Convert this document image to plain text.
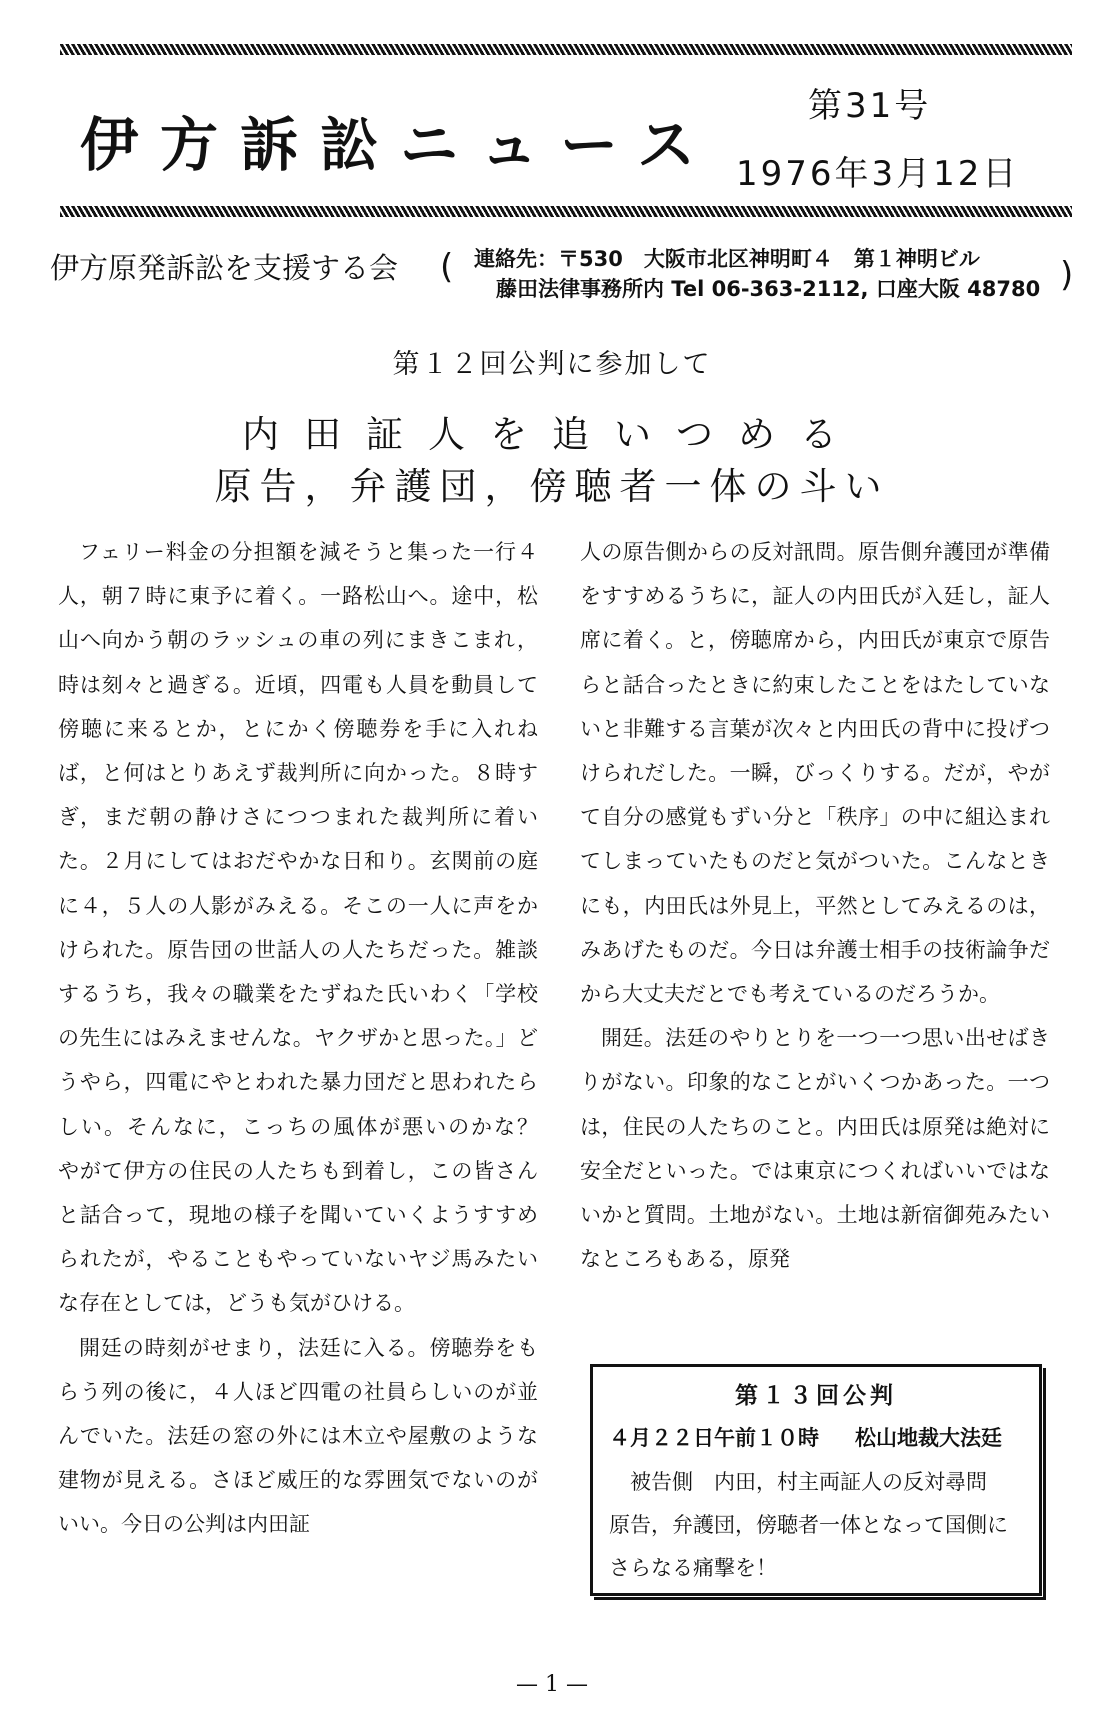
伊方訴訟ニュース
第31号
1976年3月12日
伊方原発訴訟を支援する会 ( 連絡先：〒530　大阪市北区神明町４　第１神明ビル
藤田法律事務所内 Tel 06-363-2112, 口座大阪 48780 )
第１２回公判に参加して
内田証人を追いつめる
原告，弁護団，傍聴者一体の斗い

フェリー料金の分担額を減そうと集った一行４人，朝７時に東予に着く。一路松山へ。途中，松山へ向かう朝のラッシュの車の列にまきこまれ，時は刻々と過ぎる。近頃，四電も人員を動員して傍聴に来るとか，とにかく傍聴券を手に入れねば，と何はとりあえず裁判所に向かった。８時すぎ，まだ朝の静けさにつつまれた裁判所に着いた。２月にしてはおだやかな日和り。玄関前の庭に４，５人の人影がみえる。そこの一人に声をかけられた。原告団の世話人の人たちだった。雑談するうち，我々の職業をたずねた氏いわく「学校の先生にはみえませんな。ヤクザかと思った。」どうやら，四電にやとわれた暴力団だと思われたらしい。そんなに，こっちの風体が悪いのかな？　やがて伊方の住民の人たちも到着し，この皆さんと話合って，現地の様子を聞いていくようすすめられたが，やることもやっていないヤジ馬みたいな存在としては，どうも気がひける。

開廷の時刻がせまり，法廷に入る。傍聴券をもらう列の後に，４人ほど四電の社員らしいのが並んでいた。法廷の窓の外には木立や屋敷のような建物が見える。さほど威圧的な雰囲気でないのがいい。今日の公判は内田証

人の原告側からの反対訊問。原告側弁護団が準備をすすめるうちに，証人の内田氏が入廷し，証人席に着く。と，傍聴席から，内田氏が東京で原告らと話合ったときに約束したことをはたしていないと非難する言葉が次々と内田氏の背中に投げつけられだした。一瞬，びっくりする。だが，やがて自分の感覚もずい分と「秩序」の中に組込まれてしまっていたものだと気がついた。こんなときにも，内田氏は外見上，平然としてみえるのは，みあげたものだ。今日は弁護士相手の技術論争だから大丈夫だとでも考えているのだろうか。

開廷。法廷のやりとりを一つ一つ思い出せばきりがない。印象的なことがいくつかあった。一つは，住民の人たちのこと。内田氏は原発は絶対に安全だといった。では東京につくればいいではないかと質問。土地がない。土地は新宿御苑みたいなところもある，原発

第１３回公判
４月２２日午前１０時 松山地裁大法廷
被告側　内田，村主両証人の反対尋問　原告，弁護団，傍聴者一体となって国側にさらなる痛撃を！
— 1 —
